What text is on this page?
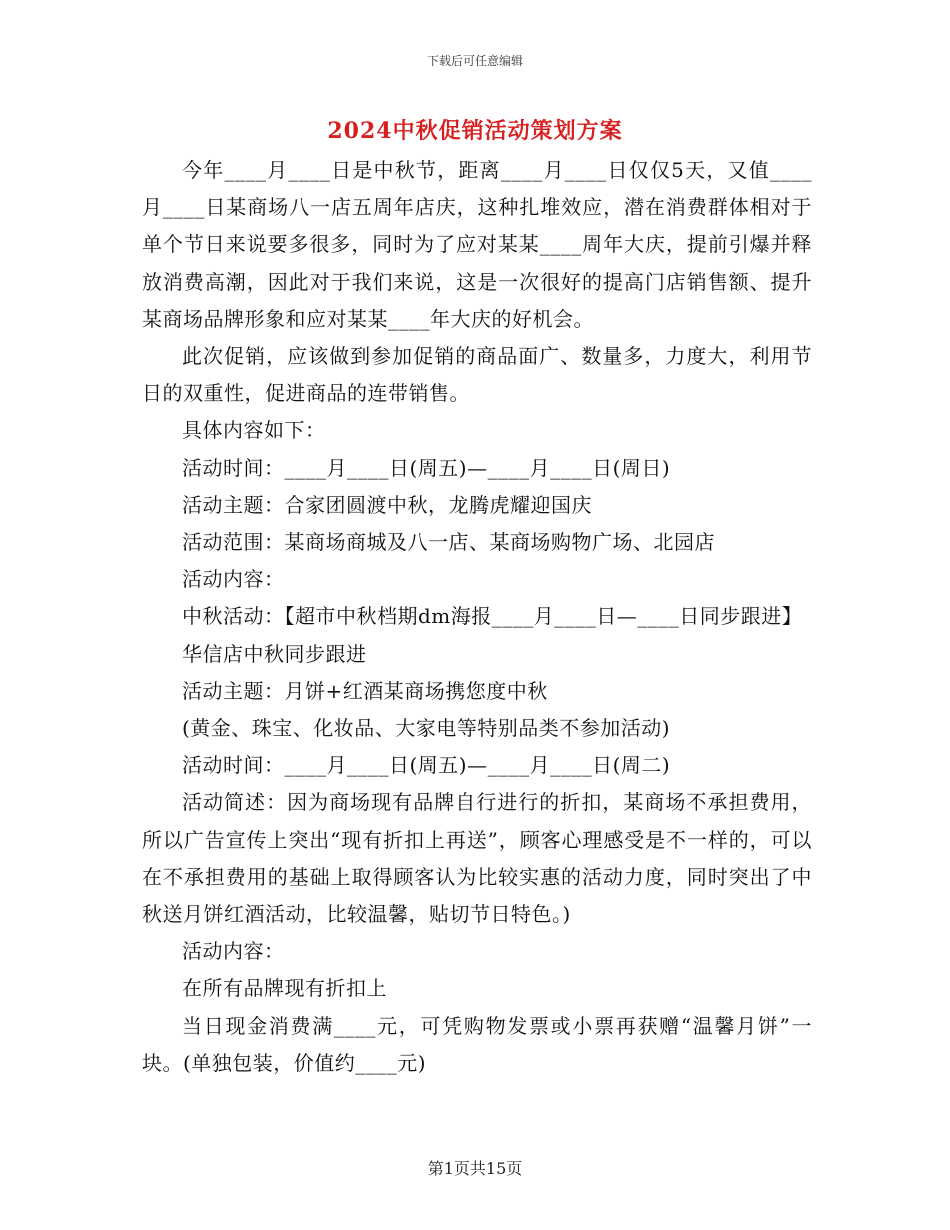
下载后可任意编辑
2024中秋促销活动策划方案

今年____月____日是中秋节，距离____月____日仅仅5天，又值____月____日某商场八一店五周年店庆，这种扎堆效应，潜在消费群体相对于单个节日来说要多很多，同时为了应对某某____周年大庆，提前引爆并释放消费高潮，因此对于我们来说，这是一次很好的提高门店销售额、提升某商场品牌形象和应对某某____年大庆的好机会。

此次促销，应该做到参加促销的商品面广、数量多，力度大，利用节日的双重性，促进商品的连带销售。

具体内容如下：

活动时间：____月____日(周五)—____月____日(周日)

活动主题：合家团圆渡中秋，龙腾虎耀迎国庆

活动范围：某商场商城及八一店、某商场购物广场、北园店

活动内容：

中秋活动：【超市中秋档期dm海报____月____日—____日同步跟进】

华信店中秋同步跟进

活动主题：月饼+红酒某商场携您度中秋

(黄金、珠宝、化妆品、大家电等特别品类不参加活动)

活动时间：____月____日(周五)—____月____日(周二)

活动简述：因为商场现有品牌自行进行的折扣，某商场不承担费用，所以广告宣传上突出“现有折扣上再送”，顾客心理感受是不一样的，可以在不承担费用的基础上取得顾客认为比较实惠的活动力度，同时突出了中秋送月饼红酒活动，比较温馨，贴切节日特色。)

活动内容：

在所有品牌现有折扣上

当日现金消费满____元，可凭购物发票或小票再获赠“温馨月饼”一块。(单独包装，价值约____元)

第1页共15页
